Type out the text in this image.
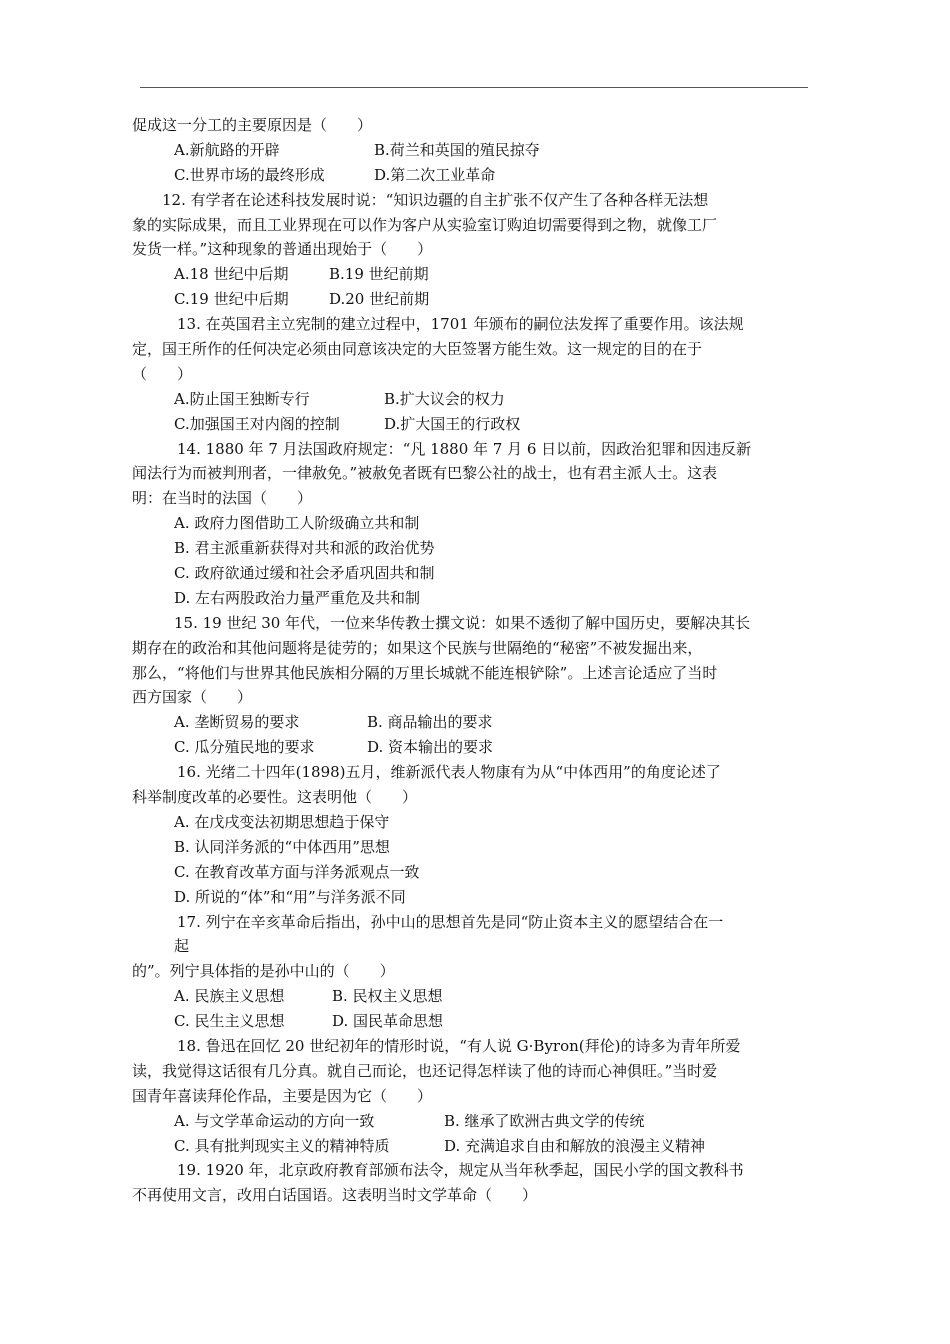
促成这一分工的主要原因是（　　）
A.新航路的开辟	B.荷兰和英国的殖民掠夺
C.世界市场的最终形成	D.第二次工业革命
12. 有学者在论述科技发展时说：“知识边疆的自主扩张不仅产生了各种各样无法想
象的实际成果，而且工业界现在可以作为客户从实验室订购迫切需要得到之物，就像工厂
发货一样。”这种现象的普通出现始于（　　）
A.18 世纪中后期	B.19 世纪前期
C.19 世纪中后期	D.20 世纪前期
13. 在英国君主立宪制的建立过程中，1701 年颁布的嗣位法发挥了重要作用。该法规
定，国王所作的任何决定必须由同意该决定的大臣签署方能生效。这一规定的目的在于
（　　）
A.防止国王独断专行	B.扩大议会的权力
C.加强国王对内阁的控制	D.扩大国王的行政权
14. 1880 年 7 月法国政府规定：“凡 1880 年 7 月 6 日以前，因政治犯罪和因违反新
闻法行为而被判刑者，一律赦免。”被赦免者既有巴黎公社的战士，也有君主派人士。这表
明：在当时的法国（　　）
A. 政府力图借助工人阶级确立共和制
B. 君主派重新获得对共和派的政治优势
C. 政府欲通过缓和社会矛盾巩固共和制
D. 左右两股政治力量严重危及共和制
15. 19 世纪 30 年代，一位来华传教士撰文说：如果不透彻了解中国历史，要解决其长
期存在的政治和其他问题将是徒劳的；如果这个民族与世隔绝的“秘密”不被发掘出来，
那么，“将他们与世界其他民族相分隔的万里长城就不能连根铲除”。上述言论适应了当时
西方国家（　　）
A. 垄断贸易的要求	B. 商品输出的要求
C. 瓜分殖民地的要求	D. 资本输出的要求
16. 光绪二十四年(1898)五月，维新派代表人物康有为从“中体西用”的角度论述了
科举制度改革的必要性。这表明他（　　）
A. 在戊戌变法初期思想趋于保守
B. 认同洋务派的“中体西用”思想
C. 在教育改革方面与洋务派观点一致
D. 所说的“体”和“用”与洋务派不同
17. 列宁在辛亥革命后指出，孙中山的思想首先是同“防止资本主义的愿望结合在一
起
的”。列宁具体指的是孙中山的（　　）
A. 民族主义思想	B. 民权主义思想
C. 民生主义思想	D. 国民革命思想
18. 鲁迅在回忆 20 世纪初年的情形时说，“有人说 G·Byron(拜伦)的诗多为青年所爱
读，我觉得这话很有几分真。就自己而论，也还记得怎样读了他的诗而心神俱旺。”当时爱
国青年喜读拜伦作品，主要是因为它（　　）
A. 与文学革命运动的方向一致	B. 继承了欧洲古典文学的传统
C. 具有批判现实主义的精神特质	D. 充满追求自由和解放的浪漫主义精神
19. 1920 年，北京政府教育部颁布法令，规定从当年秋季起，国民小学的国文教科书
不再使用文言，改用白话国语。这表明当时文学革命（　　）
